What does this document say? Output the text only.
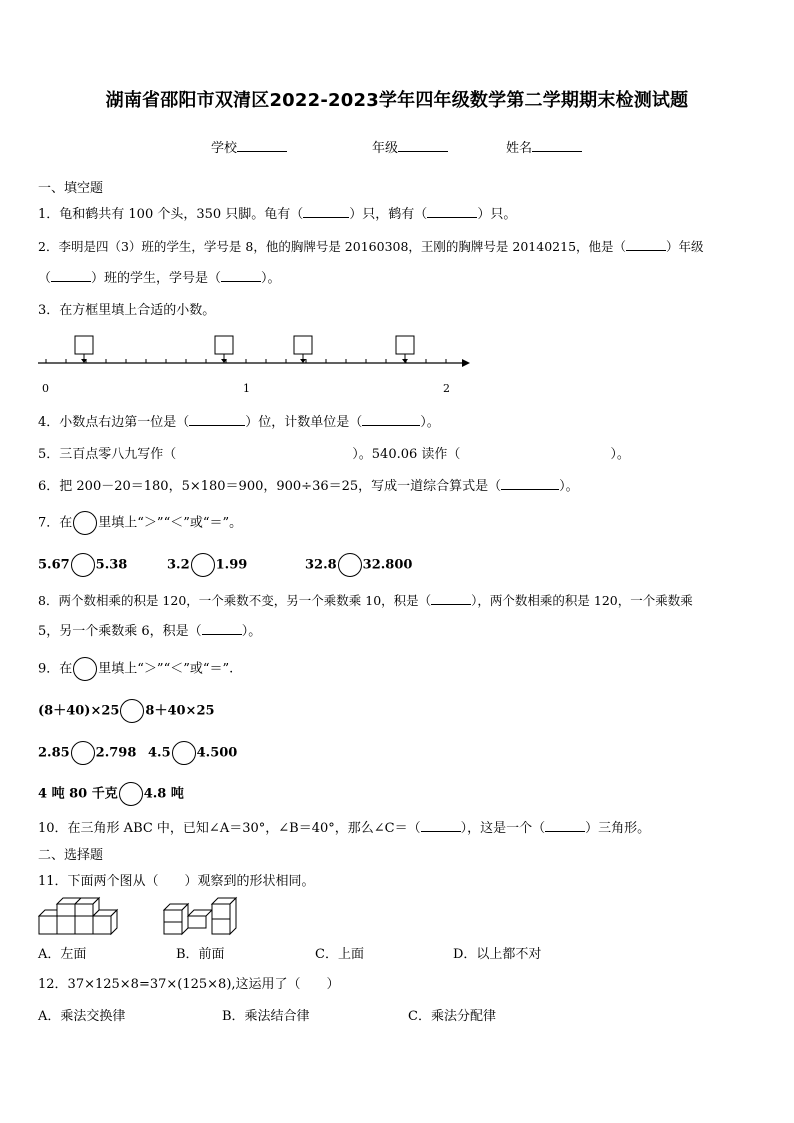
湖南省邵阳市双清区2022-2023学年四年级数学第二学期期末检测试题
学校	年级	姓名
一、填空题
1．龟和鹤共有 100 个头，350 只脚。龟有（	）只，鹤有（	）只。
2．李明是四（3）班的学生，学号是 8，他的胸牌号是 20160308，王刚的胸牌号是 20140215，他是（	）年级
（	）班的学生，学号是（	）。
3．在方框里填上合适的小数。
0	1	2
4．小数点右边第一位是（	）位，计数单位是（	）。
5．三百点零八九写作（	）。540.06 读作（	）。
6．把 200－20＝180，5×180＝900，900÷36＝25，写成一道综合算式是（	）。
7．在 里填上“＞”“＜”或“＝”。
5.67 5.38	3.2 1.99	32.8 32.800
8．两个数相乘的积是 120，一个乘数不变，另一个乘数乘 10，积是（	），两个数相乘的积是 120，一个乘数乘
5，另一个乘数乘 6，积是（	）。
9．在 里填上“＞”“＜”或“＝”.
(8＋40)×25 8＋40×25
2.85 2.798 4.5 4.500
4 吨 80 千克 4.8 吨
10．在三角形 ABC 中，已知∠A＝30°，∠B＝40°，那么∠C＝（	），这是一个（	）三角形。
二、选择题
11．下面两个图从（　　）观察到的形状相同。
A．左面	B．前面	C．上面	D．以上都不对
12．37×125×8=37×(125×8),这运用了（　　）
A．乘法交换律	B．乘法结合律	C．乘法分配律
